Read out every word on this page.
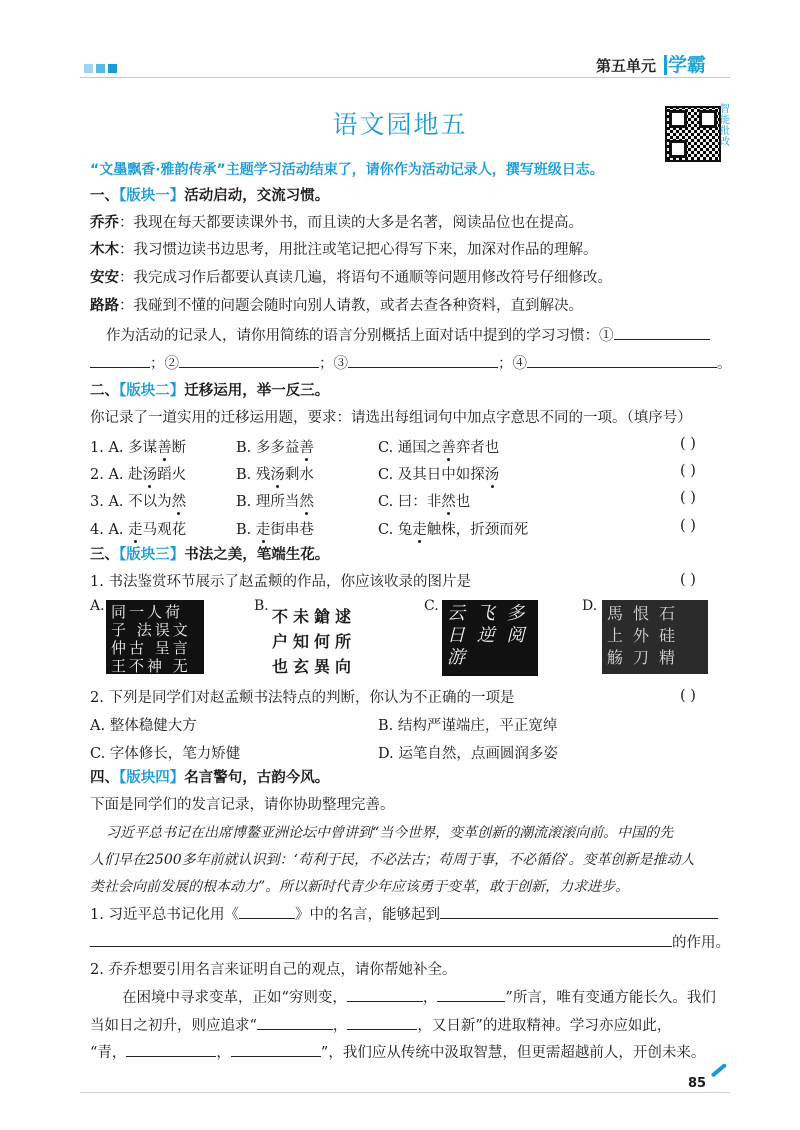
第五单元 学霸
语文园地五
智能批改
“文墨飘香·雅韵传承”主题学习活动结束了，请你作为活动记录人，撰写班级日志。
一、【版块一】活动启动，交流习惯。
乔乔：我现在每天都要读课外书，而且读的大多是名著，阅读品位也在提高。
木木：我习惯边读书边思考，用批注或笔记把心得写下来，加深对作品的理解。
安安：我完成习作后都要认真读几遍，将语句不通顺等问题用修改符号仔细修改。
路路：我碰到不懂的问题会随时向别人请教，或者去查各种资料，直到解决。
作为活动的记录人，请你用简练的语言分别概括上面对话中提到的学习习惯：①
；②	；③	；④	。
二、【版块二】迁移运用，举一反三。
你记录了一道实用的迁移运用题，要求：请选出每组词句中加点字意思不同的一项。（填序号）
1. A. 多谋善断	B. 多多益善	C. 通国之善弈者也	( )
2. A. 赴汤蹈火	B. 残汤剩水	C. 及其日中如探汤	( )
3. A. 不以为然	B. 理所当然	C. 曰：非然也	( )
4. A. 走马观花	B. 走街串巷	C. 兔走触株，折颈而死	( )
三、【版块三】书法之美，笔端生花。
1. 书法鉴赏环节展示了赵孟𫖯的作品，你应该收录的图片是	( )
A. 同一人荷子 法误文仲古 呈言王不神 无
B.
不未鎗逑 户知何所 也玄異向
C. 云 飞 多 日 逆 阅 游
D. 馬恨石 上外硅 觞刀精
2. 下列是同学们对赵孟𫖯书法特点的判断，你认为不正确的一项是	( )
A. 整体稳健大方	B. 结构严谨端庄，平正宽绰
C. 字体修长，笔力矫健	D. 运笔自然，点画圆润多姿
四、【版块四】名言警句，古韵今风。
下面是同学们的发言记录，请你协助整理完善。
习近平总书记在出席博鳌亚洲论坛中曾讲到“当今世界，变革创新的潮流滚滚向前。中国的先
人们早在2500多年前就认识到：‘苟利于民，不必法古；苟周于事，不必循俗’。变革创新是推动人
类社会向前发展的根本动力”。所以新时代青少年应该勇于变革，敢于创新，力求进步。
1. 习近平总书记化用《	》中的名言，能够起到
的作用。
2. 乔乔想要引用名言来证明自己的观点，请你帮她补全。
在困境中寻求变革，正如“穷则变，	，	”所言，唯有变通方能长久。我们
当如日之初升，则应追求“	，	，又日新”的进取精神。学习亦应如此，
“青，	，	”，我们应从传统中汲取智慧，但更需超越前人，开创未来。
85
